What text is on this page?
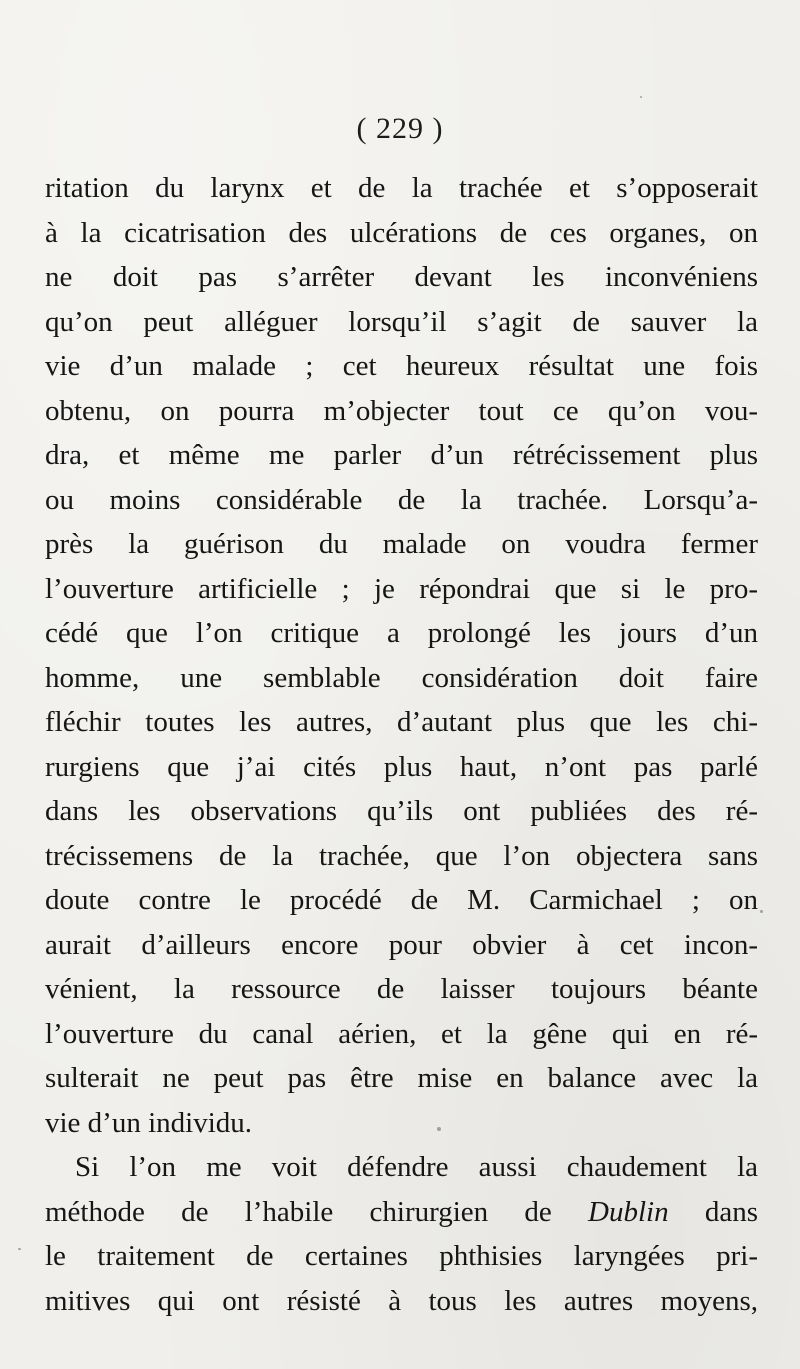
( 229 )
ritation du larynx et de la trachée et s’opposerait
à la cicatrisation des ulcérations de ces organes, on
ne doit pas s’arrêter devant les inconvéniens
qu’on peut alléguer lorsqu’il s’agit de sauver la
vie d’un malade ; cet heureux résultat une fois
obtenu, on pourra m’objecter tout ce qu’on vou-
dra, et même me parler d’un rétrécissement plus
ou moins considérable de la trachée. Lorsqu’a-
près la guérison du malade on voudra fermer
l’ouverture artificielle ; je répondrai que si le pro-
cédé que l’on critique a prolongé les jours d’un
homme, une semblable considération doit faire
fléchir toutes les autres, d’autant plus que les chi-
rurgiens que j’ai cités plus haut, n’ont pas parlé
dans les observations qu’ils ont publiées des ré-
trécissemens de la trachée, que l’on objectera sans
doute contre le procédé de M. Carmichael ; on
aurait d’ailleurs encore pour obvier à cet incon-
vénient, la ressource de laisser toujours béante
l’ouverture du canal aérien, et la gêne qui en ré-
sulterait ne peut pas être mise en balance avec la
vie d’un individu.
Si l’on me voit défendre aussi chaudement la
méthode de l’habile chirurgien de Dublin dans
le traitement de certaines phthisies laryngées pri-
mitives qui ont résisté à tous les autres moyens,
